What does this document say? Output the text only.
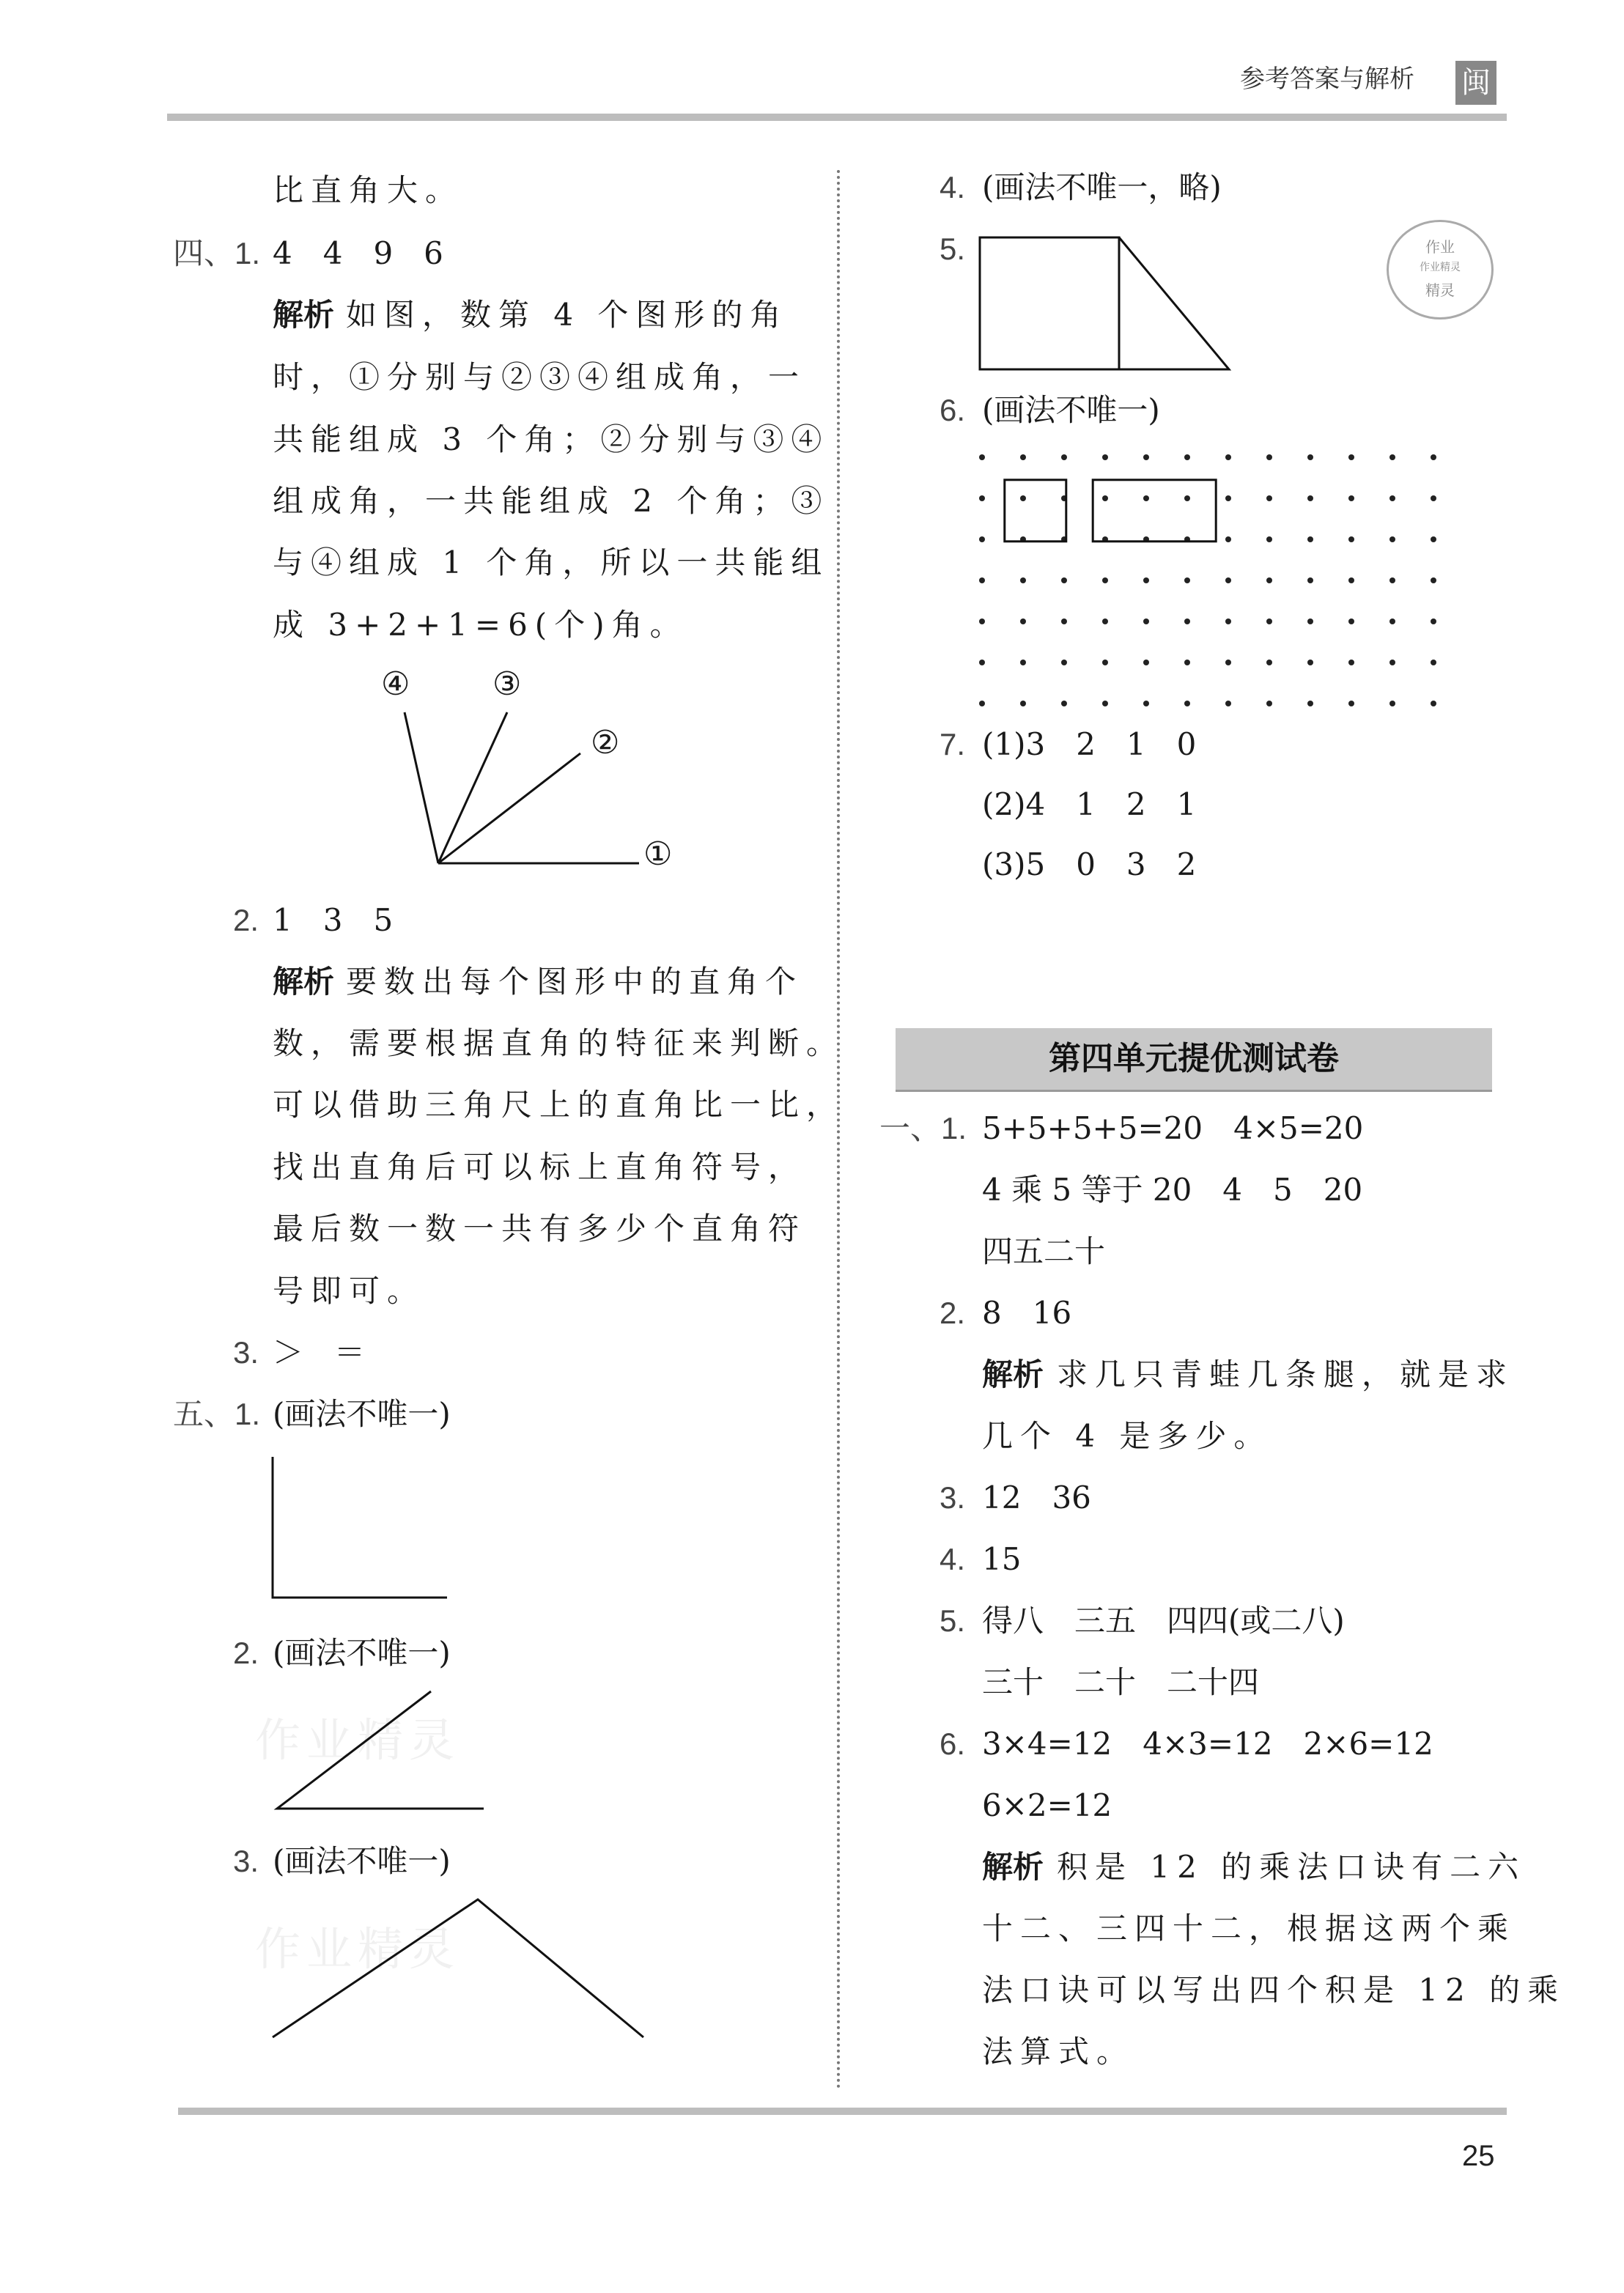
参考答案与解析 闽
比直角大。
四、1. 4　4　9　6
解析 如图，数第 4 个图形的角
时，①分别与②③④组成角，一
共能组成 3 个角；②分别与③④
组成角，一共能组成 2 个角；③
与④组成 1 个角，所以一共能组
成 3+2+1=6(个)角。
④	③
②
①
2. 1　3　5
解析 要数出每个图形中的直角个
数，需要根据直角的特征来判断。
可以借助三角尺上的直角比一比，
找出直角后可以标上直角符号，
最后数一数一共有多少个直角符
号即可。
3. ＞　＝
五、1. (画法不唯一)
2. (画法不唯一)
作业精灵
3. (画法不唯一)
作业精灵
4. (画法不唯一，略)
5.	作业
作业精灵
精灵
6. (画法不唯一)
7. (1)3　2　1　0
(2)4　1　2　1
(3)5　0　3　2
第四单元提优测试卷
一、1. 5+5+5+5=20　4×5=20
4 乘 5 等于 20　4　5　20
四五二十
2. 8　16
解析 求几只青蛙几条腿，就是求
几个 4 是多少。
3. 12　36
4. 15
5. 得八　三五　四四(或二八)
三十　二十　二十四
6. 3×4=12　4×3=12　2×6=12
6×2=12
解析 积是 12 的乘法口诀有二六
十二、三四十二，根据这两个乘
法口诀可以写出四个积是 12 的乘
法算式。
25
